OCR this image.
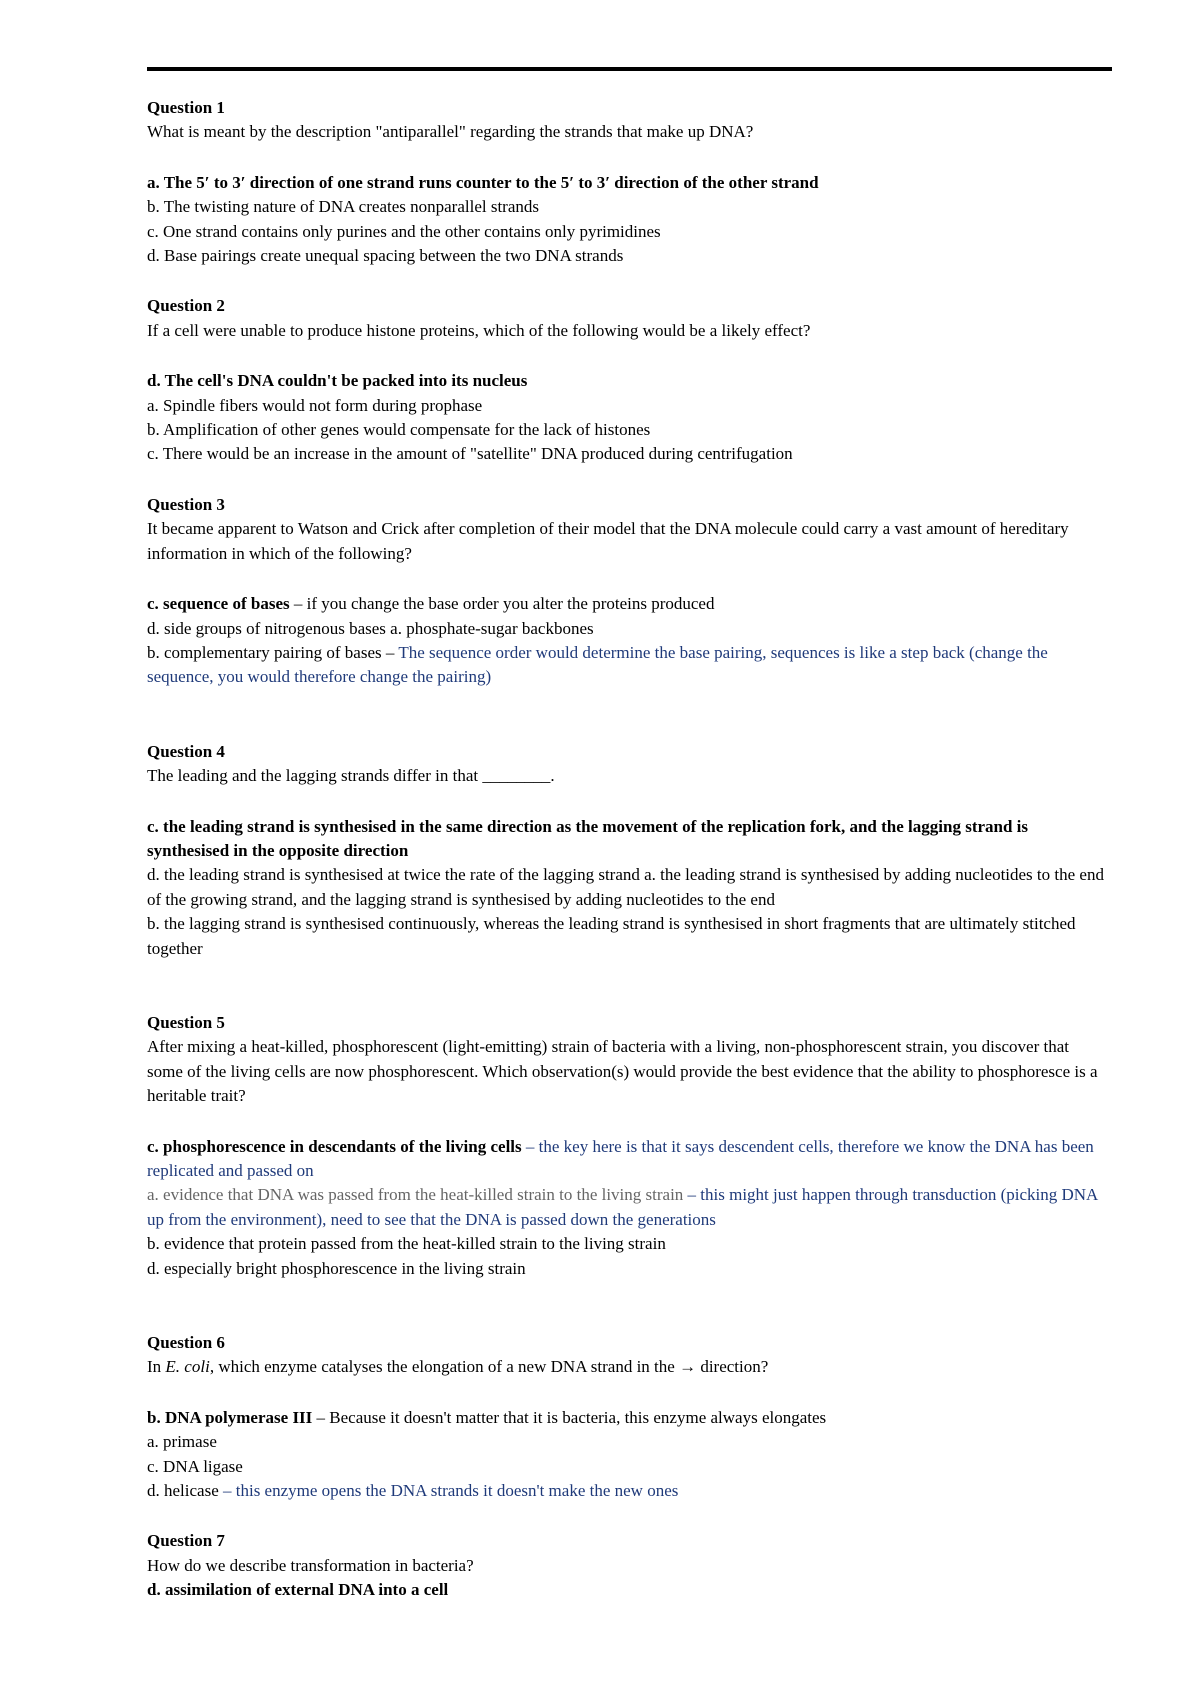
Question 1

What is meant by the description "antiparallel" regarding the strands that make up DNA?

a. The 5ʹ to 3ʹ direction of one strand runs counter to the 5ʹ to 3ʹ direction of the other strand

b. The twisting nature of DNA creates nonparallel strands

c. One strand contains only purines and the other contains only pyrimidines

d. Base pairings create unequal spacing between the two DNA strands

Question 2

If a cell were unable to produce histone proteins, which of the following would be a likely effect?

d. The cell's DNA couldn't be packed into its nucleus

a. Spindle fibers would not form during prophase

b. Amplification of other genes would compensate for the lack of histones

c. There would be an increase in the amount of "satellite" DNA produced during centrifugation

Question 3

It became apparent to Watson and Crick after completion of their model that the DNA molecule could carry a vast amount of hereditary information in which of the following?

c. sequence of bases – if you change the base order you alter the proteins produced

d. side groups of nitrogenous bases a. phosphate-sugar backbones

b. complementary pairing of bases – The sequence order would determine the base pairing, sequences is like a step back (change the sequence, you would therefore change the pairing)

Question 4

The leading and the lagging strands differ in that ________.

c. the leading strand is synthesised in the same direction as the movement of the replication fork, and the lagging strand is synthesised in the opposite direction

d. the leading strand is synthesised at twice the rate of the lagging strand a. the leading strand is synthesised by adding nucleotides to the end of the growing strand, and the lagging strand is synthesised by adding nucleotides to the end

b. the lagging strand is synthesised continuously, whereas the leading strand is synthesised in short fragments that are ultimately stitched together

Question 5

After mixing a heat-killed, phosphorescent (light-emitting) strain of bacteria with a living, non-phosphorescent strain, you discover that some of the living cells are now phosphorescent. Which observation(s) would provide the best evidence that the ability to phosphoresce is a heritable trait?

c. phosphorescence in descendants of the living cells – the key here is that it says descendent cells, therefore we know the DNA has been replicated and passed on

a. evidence that DNA was passed from the heat-killed strain to the living strain – this might just happen through transduction (picking DNA up from the environment), need to see that the DNA is passed down the generations

b. evidence that protein passed from the heat-killed strain to the living strain

d. especially bright phosphorescence in the living strain

Question 6

In E. coli, which enzyme catalyses the elongation of a new DNA strand in the → direction?

b. DNA polymerase III – Because it doesn't matter that it is bacteria, this enzyme always elongates

a. primase

c. DNA ligase

d. helicase – this enzyme opens the DNA strands it doesn't make the new ones

Question 7

How do we describe transformation in bacteria?

d. assimilation of external DNA into a cell
